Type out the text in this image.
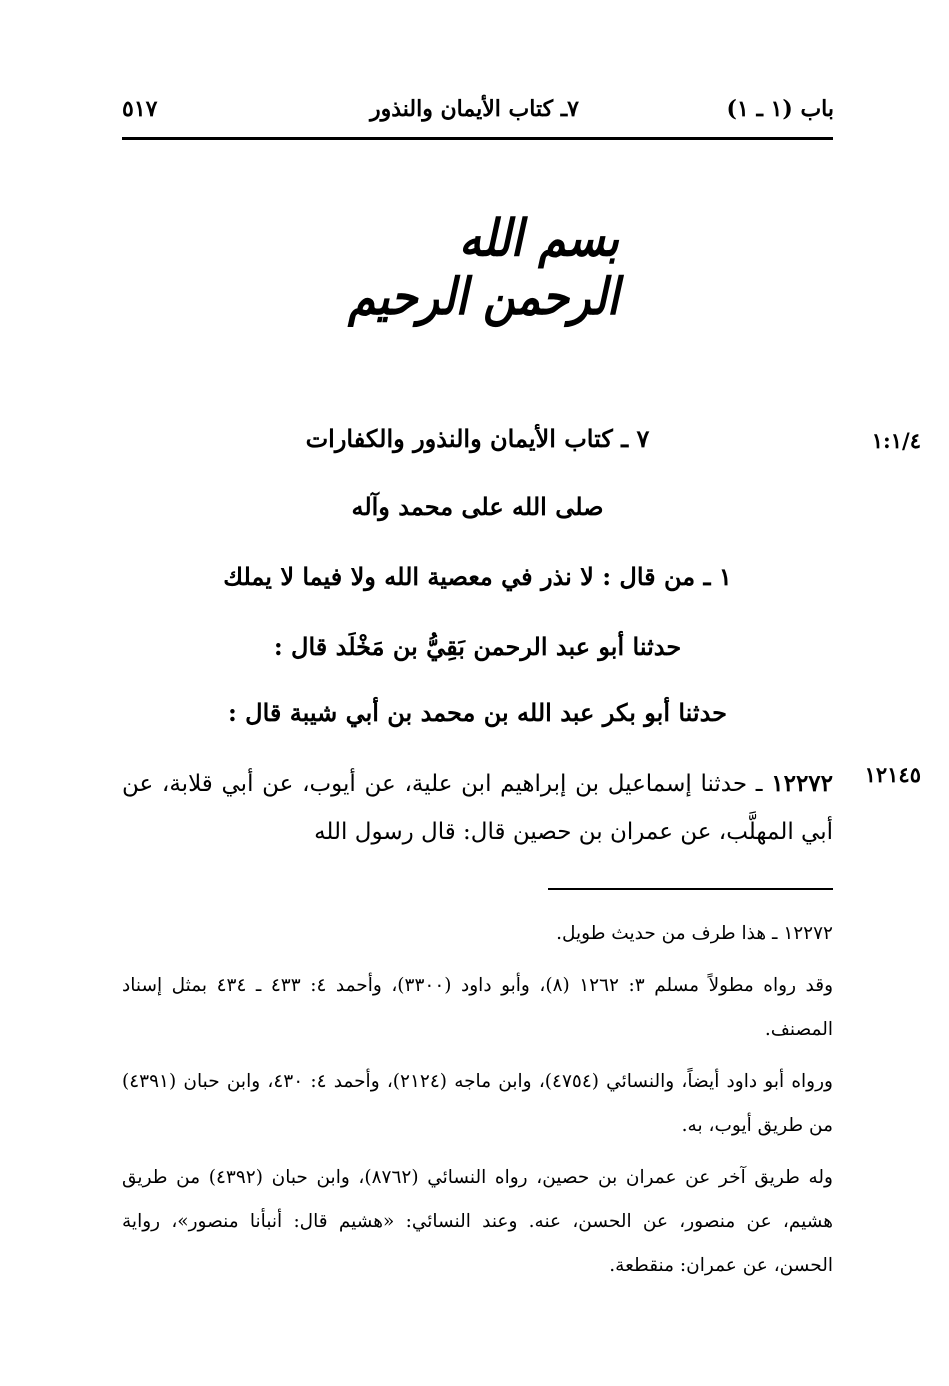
باب (١ ـ ١)
٧ـ كتاب الأيمان والنذور
٥١٧
بسم الله الرحمن الرحيم
١:١/٤
١٢١٤٥
٧ ـ كتاب الأيمان والنذور والكفارات
صلى الله على محمد وآله
١ ـ من قال : لا نذر في معصية الله ولا فيما لا يملك
حدثنا أبو عبد الرحمن بَقِيُّ بن مَخْلَد قال :
حدثنا أبو بكر عبد الله بن محمد بن أبي شيبة قال :
١٢٢٧٢ ـ حدثنا إسماعيل بن إبراهيم ابن علية، عن أيوب، عن أبي قلابة، عن أبي المهلَّب، عن عمران بن حصين قال: قال رسول الله
١٢٢٧٢ ـ هذا طرف من حديث طويل.
وقد رواه مطولاً مسلم ٣: ١٢٦٢ (٨)، وأبو داود (٣٣٠٠)، وأحمد ٤: ٤٣٣ ـ ٤٣٤ بمثل إسناد المصنف.
ورواه أبو داود أيضاً، والنسائي (٤٧٥٤)، وابن ماجه (٢١٢٤)، وأحمد ٤: ٤٣٠، وابن حبان (٤٣٩١) من طريق أيوب، به.
وله طريق آخر عن عمران بن حصين، رواه النسائي (٨٧٦٢)، وابن حبان (٤٣٩٢) من طريق هشيم، عن منصور، عن الحسن، عنه. وعند النسائي: «هشيم قال: أنبأنا منصور»، رواية الحسن، عن عمران: منقطعة.
